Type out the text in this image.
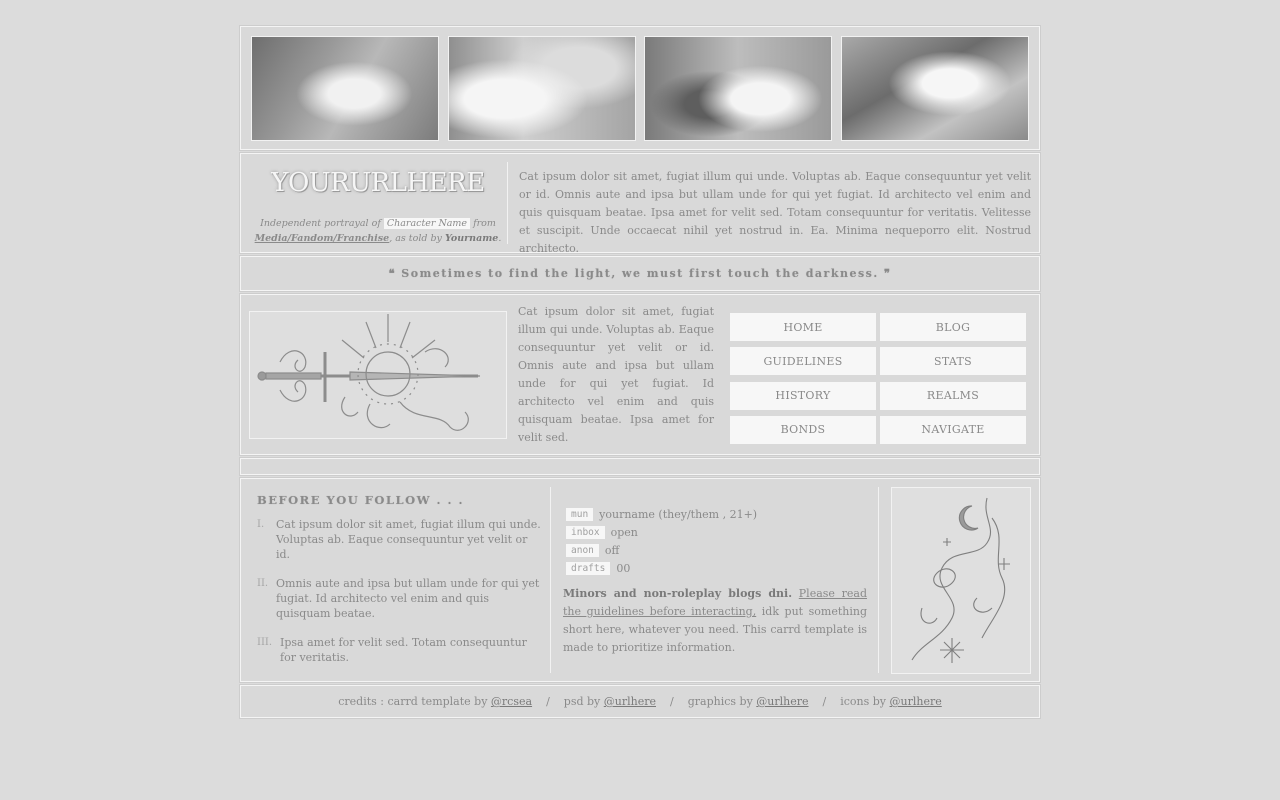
YOURURLHERE
Independent portrayal of Character Name from
Media/Fandom/Franchise, as told by Yourname.
Cat ipsum dolor sit amet, fugiat illum qui unde. Voluptas ab. Eaque consequuntur yet velit or id. Omnis aute and ipsa but ullam unde for qui yet fugiat. Id architecto vel enim and quis quisquam beatae. Ipsa amet for velit sed. Totam consequuntur for veritatis. Velitesse et suscipit. Unde occaecat nihil yet nostrud in. Ea. Minima nequeporro elit. Nostrud architecto.
❝ Sometimes to find the light, we must first touch the darkness. ❞
Cat ipsum dolor sit amet, fugiat illum qui unde. Voluptas ab. Eaque consequuntur yet velit or id. Omnis aute and ipsa but ullam unde for qui yet fugiat. Id architecto vel enim and quis quisquam beatae. Ipsa amet for velit sed.
HOME	BLOG
GUIDELINES	STATS
HISTORY	REALMS
BONDS	NAVIGATE
BEFORE YOU FOLLOW . . .
I.	Cat ipsum dolor sit amet, fugiat illum qui unde. Voluptas ab. Eaque consequuntur yet velit or id.
II. Omnis aute and ipsa but ullam unde for qui yet fugiat. Id architecto vel enim and quis quisquam beatae.
III. Ipsa amet for velit sed. Totam consequuntur for veritatis.
mun	yourname (they/them , 21+)
inbox	open
anon	off
drafts	00

Minors and non-roleplay blogs dni. Please read the guidelines before interacting, idk put something short here, whatever you need. This carrd template is made to prioritize information.

credits : carrd template by
@rcsea / psd by
@urlhere / graphics by
@urlhere / icons by
@urlhere
